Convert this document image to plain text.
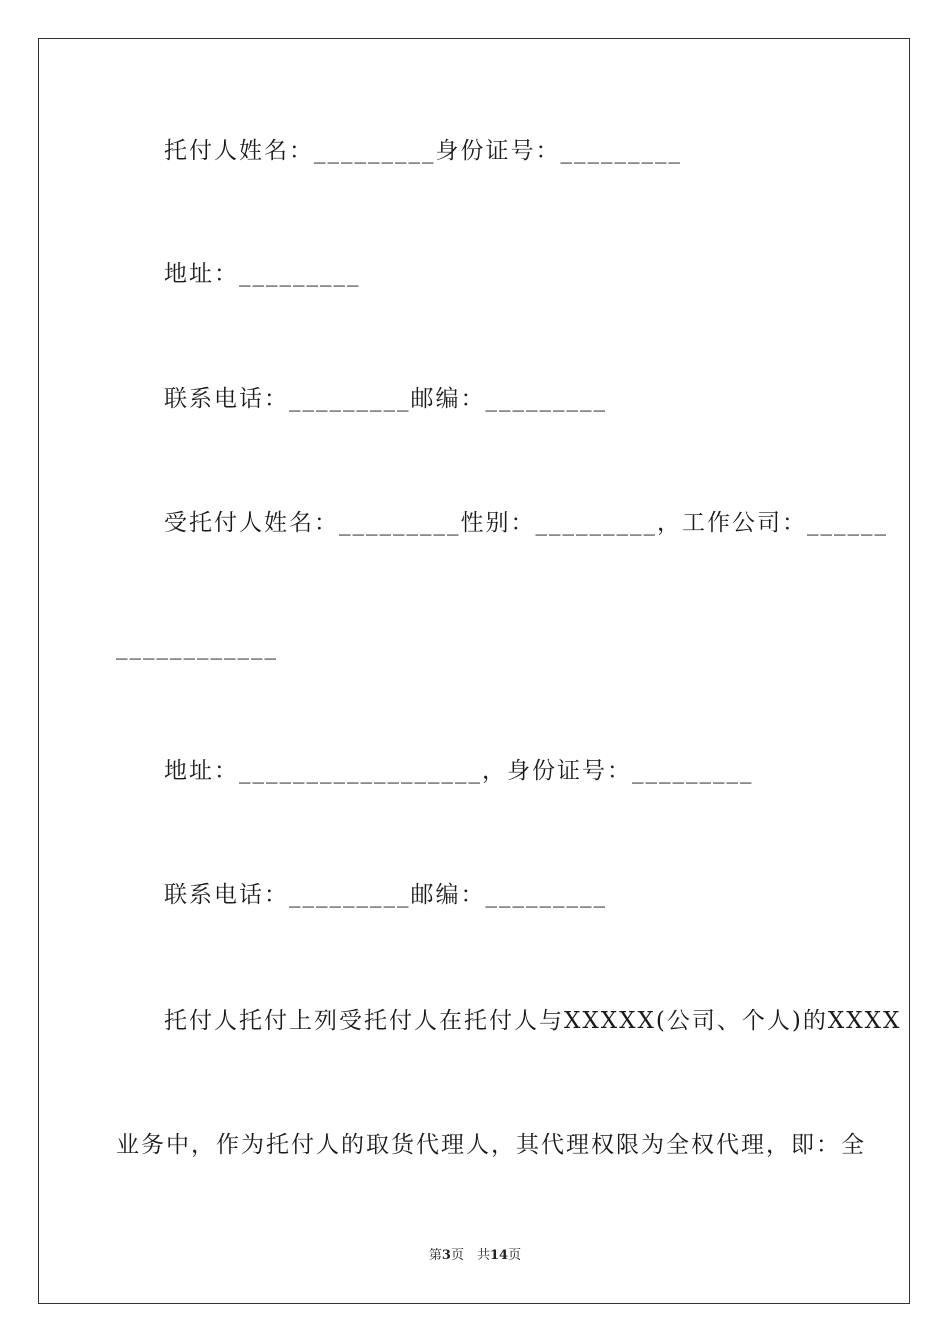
托付人姓名：_________身份证号：_________
地址：_________
联系电话：_________邮编：_________
受托付人姓名：_________性别：_________，工作公司：______
____________
地址：__________________，身份证号：_________
联系电话：_________邮编：_________
托付人托付上列受托付人在托付人与XXXXX(公司、个人)的XXXX
业务中，作为托付人的取货代理人，其代理权限为全权代理，即：全
第3页　共14页
